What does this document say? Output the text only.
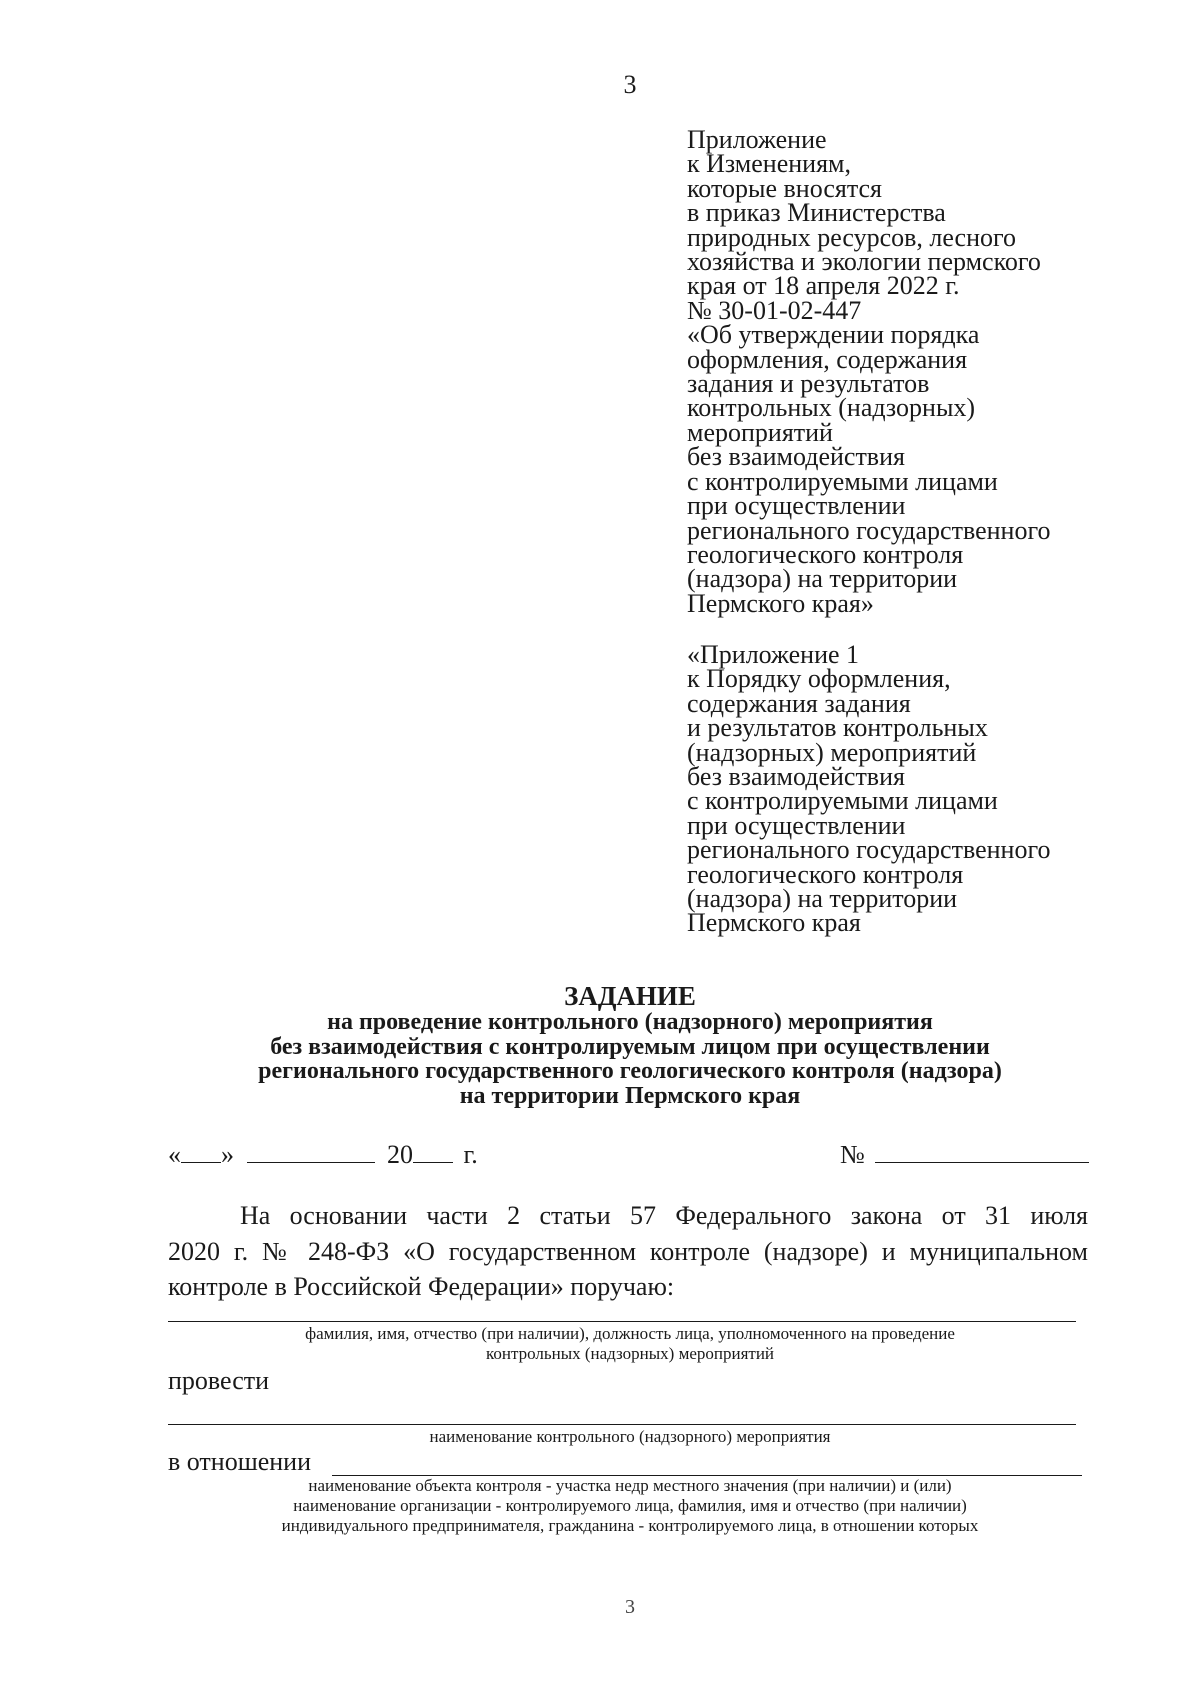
3
Приложение
к Изменениям,
которые вносятся
в приказ Министерства
природных ресурсов, лесного
хозяйства и экологии пермского
края от 18 апреля 2022 г.
№ 30-01-02-447
«Об утверждении порядка
оформления, содержания
задания и результатов
контрольных (надзорных)
мероприятий
без взаимодействия
с контролируемыми лицами
при осуществлении
регионального государственного
геологического контроля
(надзора) на территории
Пермского края»
«Приложение 1
к Порядку оформления,
содержания задания
и результатов контрольных
(надзорных) мероприятий
без взаимодействия
с контролируемыми лицами
при осуществлении
регионального государственного
геологического контроля
(надзора) на территории
Пермского края
ЗАДАНИЕ
на проведение контрольного (надзорного) мероприятия
без взаимодействия с контролируемым лицом при осуществлении
регионального государственного геологического контроля (надзора)
на территории Пермского края
« »	20 г.	№
На основании части 2 статьи 57 Федерального закона от 31 июля
2020 г. № 248-ФЗ «О государственном контроле (надзоре) и муниципальном
контроле в Российской Федерации» поручаю:
фамилия, имя, отчество (при наличии), должность лица, уполномоченного на проведение
контрольных (надзорных) мероприятий
провести
наименование контрольного (надзорного) мероприятия
в отношении
наименование объекта контроля - участка недр местного значения (при наличии) и (или)
наименование организации - контролируемого лица, фамилия, имя и отчество (при наличии)
индивидуального предпринимателя, гражданина - контролируемого лица, в отношении которых
3
